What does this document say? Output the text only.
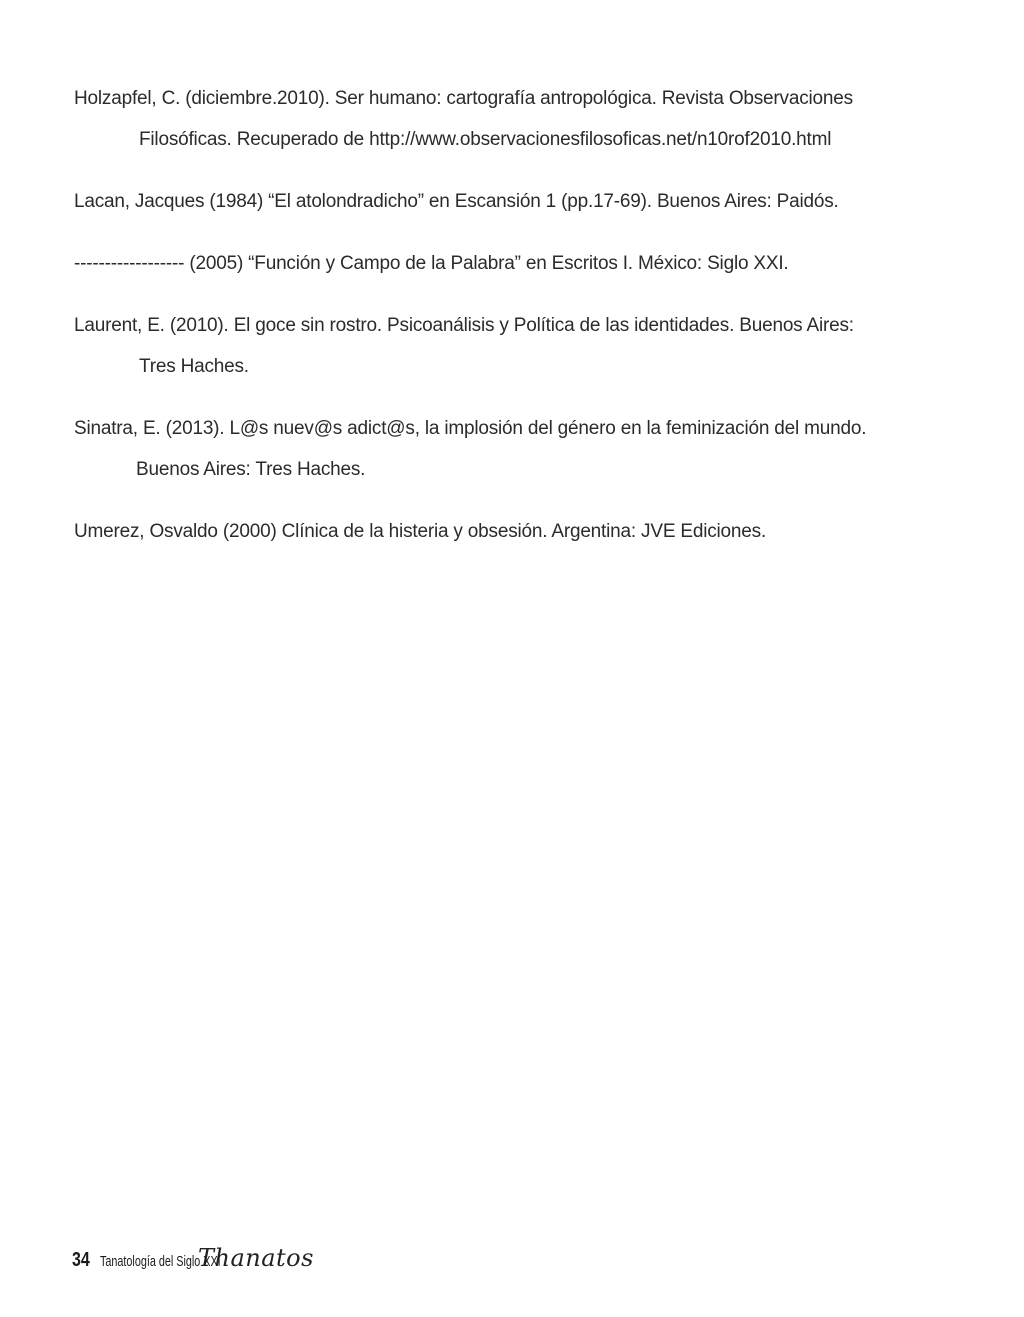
Holzapfel, C. (diciembre.2010). Ser humano: cartografía antropológica. Revista Observaciones
Filosóficas. Recuperado de http://www.observacionesfilosoficas.net/n10rof2010.html

Lacan, Jacques (1984) “El atolondradicho” en Escansión 1 (pp.17-69). Buenos Aires: Paidós.

------------------ (2005) “Función y Campo de la Palabra” en Escritos I. México: Siglo XXI.

Laurent, E. (2010). El goce sin rostro. Psicoanálisis y Política de las identidades. Buenos Aires:
Tres Haches.

Sinatra, E. (2013). L@s nuev@s adict@s, la implosión del género en la feminización del mundo.
Buenos Aires: Tres Haches.

Umerez, Osvaldo (2000) Clínica de la histeria y obsesión. Argentina: JVE Ediciones.

34 Tanatología del Siglo XXI
Thanatos
